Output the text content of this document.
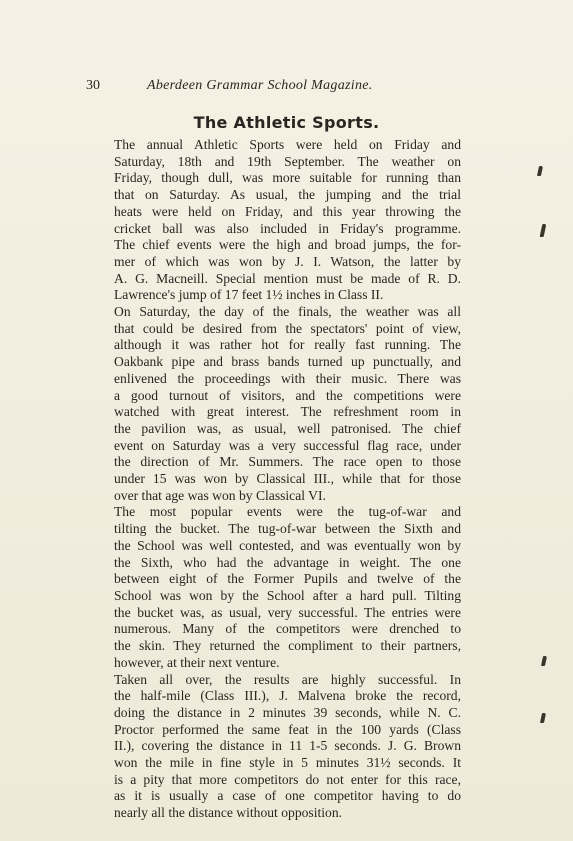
30	Aberdeen Grammar School Magazine.
The Athletic Sports.
The annual Athletic Sports were held on Friday and
Saturday, 18th and 19th September. The weather on
Friday, though dull, was more suitable for running than
that on Saturday. As usual, the jumping and the trial
heats were held on Friday, and this year throwing the
cricket ball was also included in Friday's programme.
The chief events were the high and broad jumps, the for-
mer of which was won by J. I. Watson, the latter by
A. G. Macneill. Special mention must be made of R. D.
Lawrence's jump of 17 feet 1½ inches in Class II.
On Saturday, the day of the finals, the weather was all
that could be desired from the spectators' point of view,
although it was rather hot for really fast running. The
Oakbank pipe and brass bands turned up punctually, and
enlivened the proceedings with their music. There was
a good turnout of visitors, and the competitions were
watched with great interest. The refreshment room in
the pavilion was, as usual, well patronised. The chief
event on Saturday was a very successful flag race, under
the direction of Mr. Summers. The race open to those
under 15 was won by Classical III., while that for those
over that age was won by Classical VI.
The most popular events were the tug-of-war and
tilting the bucket. The tug-of-war between the Sixth and
the School was well contested, and was eventually won by
the Sixth, who had the advantage in weight. The one
between eight of the Former Pupils and twelve of the
School was won by the School after a hard pull. Tilting
the bucket was, as usual, very successful. The entries were
numerous. Many of the competitors were drenched to
the skin. They returned the compliment to their partners,
however, at their next venture.
Taken all over, the results are highly successful. In
the half-mile (Class III.), J. Malvena broke the record,
doing the distance in 2 minutes 39 seconds, while N. C.
Proctor performed the same feat in the 100 yards (Class
II.), covering the distance in 11 1-5 seconds. J. G. Brown
won the mile in fine style in 5 minutes 31½ seconds. It
is a pity that more competitors do not enter for this race,
as it is usually a case of one competitor having to do
nearly all the distance without opposition.
